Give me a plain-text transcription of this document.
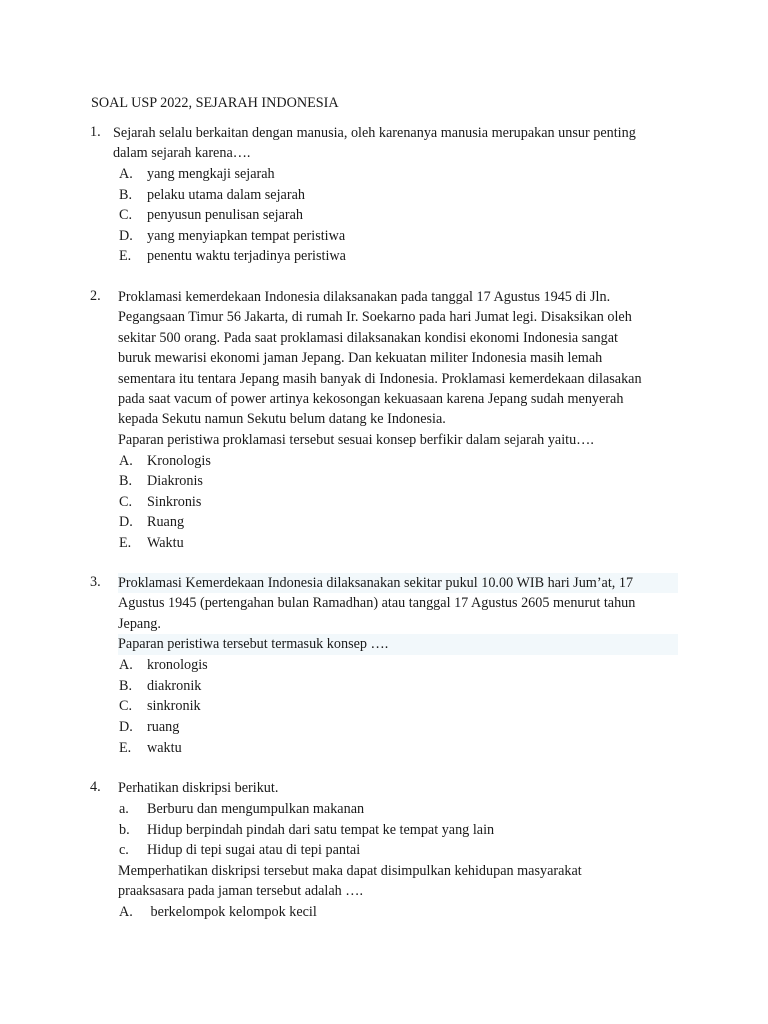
SOAL USP 2022, SEJARAH INDONESIA
1. Sejarah selalu berkaitan dengan manusia, oleh karenanya manusia merupakan unsur penting
dalam sejarah karena….
A. yang mengkaji sejarah
B. pelaku utama dalam sejarah
C. penyusun penulisan sejarah
D. yang menyiapkan tempat peristiwa
E. penentu waktu terjadinya peristiwa
2. Proklamasi kemerdekaan Indonesia dilaksanakan pada tanggal 17 Agustus 1945 di Jln.
Pegangsaan Timur 56 Jakarta, di rumah Ir. Soekarno pada hari Jumat legi. Disaksikan oleh
sekitar 500 orang. Pada saat proklamasi dilaksanakan kondisi ekonomi Indonesia sangat
buruk mewarisi ekonomi jaman Jepang. Dan kekuatan militer Indonesia masih lemah
sementara itu tentara Jepang masih banyak di Indonesia. Proklamasi kemerdekaan dilasakan
pada saat vacum of power artinya kekosongan kekuasaan karena Jepang sudah menyerah
kepada Sekutu namun Sekutu belum datang ke Indonesia.
Paparan peristiwa proklamasi tersebut sesuai konsep berfikir dalam sejarah yaitu….
A. Kronologis
B. Diakronis
C. Sinkronis
D. Ruang
E. Waktu
3. Proklamasi Kemerdekaan Indonesia dilaksanakan sekitar pukul 10.00 WIB hari Jum’at, 17
Agustus 1945 (pertengahan bulan Ramadhan) atau tanggal 17 Agustus 2605 menurut tahun
Jepang.
Paparan peristiwa tersebut termasuk konsep ….
A. kronologis
B. diakronik
C. sinkronik
D. ruang
E. waktu
4. Perhatikan diskripsi berikut.
a. Berburu dan mengumpulkan makanan
b. Hidup berpindah pindah dari satu tempat ke tempat yang lain
c. Hidup di tepi sugai atau di tepi pantai
Memperhatikan diskripsi tersebut maka dapat disimpulkan kehidupan masyarakat
praaksasara pada jaman tersebut adalah ….
A. berkelompok kelompok kecil
